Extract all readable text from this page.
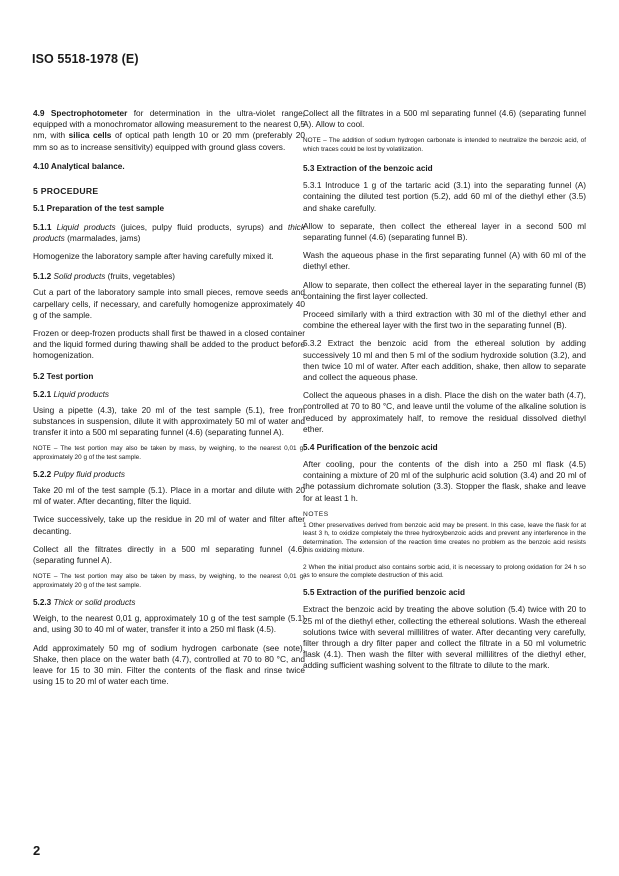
ISO 5518-1978 (E)

4.9 Spectrophotometer for determination in the ultra-violet range, equipped with a monochromator allowing measurement to the nearest 0,5 nm, with silica cells of optical path length 10 or 20 mm (preferably 20 mm so as to increase sensitivity) equipped with ground glass covers.

4.10 Analytical balance.
5 PROCEDURE
5.1 Preparation of the test sample

5.1.1 Liquid products (juices, pulpy fluid products, syrups) and thick products (marmalades, jams)

Homogenize the laboratory sample after having carefully mixed it.

5.1.2 Solid products (fruits, vegetables)

Cut a part of the laboratory sample into small pieces, remove seeds and carpellary cells, if necessary, and carefully homogenize approximately 40 g of the sample.

Frozen or deep-frozen products shall first be thawed in a closed container and the liquid formed during thawing shall be added to the product before homogenization.

5.2 Test portion
5.2.1 Liquid products

Using a pipette (4.3), take 20 ml of the test sample (5.1), free from substances in suspension, dilute it with approximately 50 ml of water and transfer it into a 500 ml separating funnel (4.6) (separating funnel A).

NOTE – The test portion may also be taken by mass, by weighing, to the nearest 0,01 g, approximately 20 g of the test sample.

5.2.2 Pulpy fluid products

Take 20 ml of the test sample (5.1). Place in a mortar and dilute with 20 ml of water. After decanting, filter the liquid.

Twice successively, take up the residue in 20 ml of water and filter after decanting.

Collect all the filtrates directly in a 500 ml separating funnel (4.6) (separating funnel A).

NOTE – The test portion may also be taken by mass, by weighing, to the nearest 0,01 g, approximately 20 g of the test sample.

5.2.3 Thick or solid products

Weigh, to the nearest 0,01 g, approximately 10 g of the test sample (5.1) and, using 30 to 40 ml of water, transfer it into a 250 ml flask (4.5).

Add approximately 50 mg of sodium hydrogen carbonate (see note). Shake, then place on the water bath (4.7), controlled at 70 to 80 °C, and leave for 15 to 30 min. Filter the contents of the flask and rinse twice using 15 to 20 ml of water each time.

Collect all the filtrates in a 500 ml separating funnel (4.6) (separating funnel A). Allow to cool.

NOTE – The addition of sodium hydrogen carbonate is intended to neutralize the benzoic acid, of which traces could be lost by volatilization.

5.3 Extraction of the benzoic acid

5.3.1 Introduce 1 g of the tartaric acid (3.1) into the separating funnel (A) containing the diluted test portion (5.2), add 60 ml of the diethyl ether (3.5) and shake carefully.

Allow to separate, then collect the ethereal layer in a second 500 ml separating funnel (4.6) (separating funnel B).

Wash the aqueous phase in the first separating funnel (A) with 60 ml of the diethyl ether.

Allow to separate, then collect the ethereal layer in the separating funnel (B) containing the first layer collected.

Proceed similarly with a third extraction with 30 ml of the diethyl ether and combine the ethereal layer with the first two in the separating funnel (B).

5.3.2 Extract the benzoic acid from the ethereal solution by adding successively 10 ml and then 5 ml of the sodium hydroxide solution (3.2), and then twice 10 ml of water. After each addition, shake, then allow to separate and collect the aqueous phase.

Collect the aqueous phases in a dish. Place the dish on the water bath (4.7), controlled at 70 to 80 °C, and leave until the volume of the alkaline solution is reduced by approximately half, to remove the residual dissolved diethyl ether.

5.4 Purification of the benzoic acid

After cooling, pour the contents of the dish into a 250 ml flask (4.5) containing a mixture of 20 ml of the sulphuric acid solution (3.4) and 20 ml of the potassium dichromate solution (3.3). Stopper the flask, shake and leave for at least 1 h.

NOTES

1 Other preservatives derived from benzoic acid may be present. In this case, leave the flask for at least 3 h, to oxidize completely the three hydroxybenzoic acids and prevent any interference in the determination. The extension of the reaction time creates no problem as the benzoic acid resists this oxidizing mixture.

2 When the initial product also contains sorbic acid, it is necessary to prolong oxidation for 24 h so as to ensure the complete destruction of this acid.

5.5 Extraction of the purified benzoic acid

Extract the benzoic acid by treating the above solution (5.4) twice with 20 to 25 ml of the diethyl ether, collecting the ethereal solutions. Wash the ethereal solutions twice with several millilitres of water. After decanting very carefully, filter through a dry filter paper and collect the filtrate in a 50 ml volumetric flask (4.1). Then wash the filter with several millilitres of the diethyl ether, adding sufficient washing solvent to the filtrate to dilute to the mark.

2
